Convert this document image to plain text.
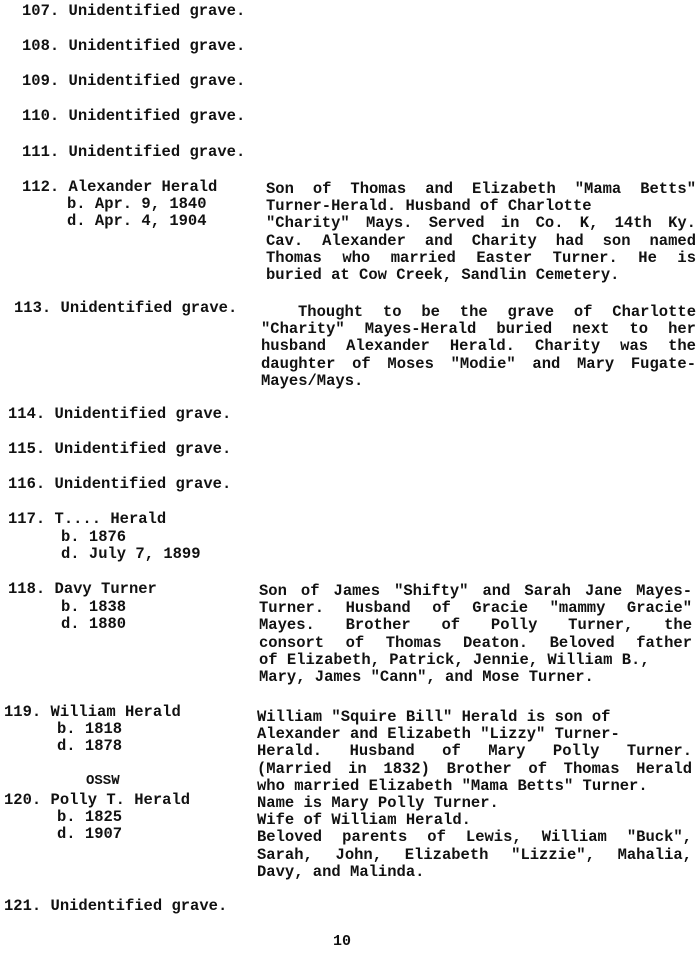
107. Unidentified grave.
108. Unidentified grave.
109. Unidentified grave.
110. Unidentified grave.
111. Unidentified grave.
112. Alexander Herald
b. Apr. 9, 1840
d. Apr. 4, 1904
Son of Thomas and Elizabeth "Mama Betts"
Turner-Herald. Husband of Charlotte
"Charity" Mays. Served in Co. K, 14th Ky.
Cav. Alexander and Charity had son named
Thomas who married Easter Turner. He is
buried at Cow Creek, Sandlin Cemetery.
113. Unidentified grave.	Thought to be the grave of Charlotte
"Charity" Mayes-Herald buried next to her
husband Alexander Herald. Charity was the
daughter of Moses "Modie" and Mary Fugate-
Mayes/Mays.
114. Unidentified grave.
115. Unidentified grave.
116. Unidentified grave.
117. T.... Herald
b. 1876
d. July 7, 1899
118. Davy Turner
b. 1838
d. 1880
Son of James "Shifty" and Sarah Jane Mayes-
Turner. Husband of Gracie "mammy Gracie"
Mayes. Brother of Polly Turner, the
consort of Thomas Deaton. Beloved father
of Elizabeth, Patrick, Jennie, William B.,
Mary, James "Cann", and Mose Turner.
119. William Herald
b. 1818
d. 1878
OSSW
120. Polly T. Herald
b. 1825
d. 1907
William "Squire Bill" Herald is son of
Alexander and Elizabeth "Lizzy" Turner-
Herald. Husband of Mary Polly Turner.
(Married in 1832) Brother of Thomas Herald
who married Elizabeth "Mama Betts" Turner.
Name is Mary Polly Turner.
Wife of William Herald.
Beloved parents of Lewis, William "Buck",
Sarah, John, Elizabeth "Lizzie", Mahalia,
Davy, and Malinda.
121. Unidentified grave.
10
